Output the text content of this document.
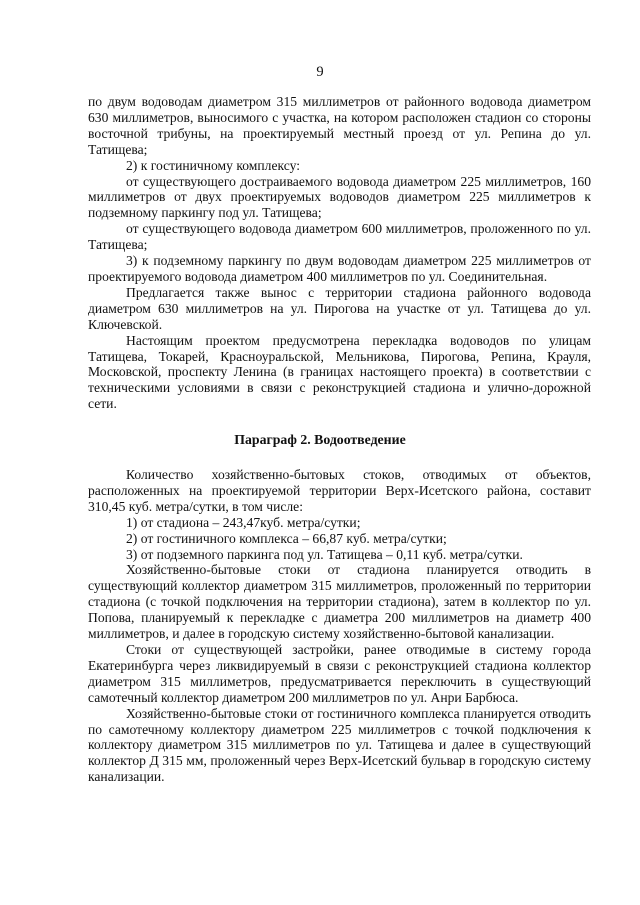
9

по двум водоводам диаметром 315 миллиметров от районного водовода диаметром 630 миллиметров, выносимого с участка, на котором расположен стадион со стороны восточной трибуны, на проектируемый местный проезд от ул. Репина до ул. Татищева;

2) к гостиничному комплексу:

от существующего достраиваемого водовода диаметром 225 миллиметров, 160 миллиметров от двух проектируемых водоводов диаметром 225 миллиметров к подземному паркингу под ул. Татищева;

от существующего водовода диаметром 600 миллиметров, проложенного по ул. Татищева;

3) к подземному паркингу по двум водоводам диаметром 225 миллиметров от проектируемого водовода диаметром 400 миллиметров по ул. Соединительная.

Предлагается также вынос с территории стадиона районного водовода диаметром 630 миллиметров на ул. Пирогова на участке от ул. Татищева до ул. Ключевской.

Настоящим проектом предусмотрена перекладка водоводов по улицам Татищева, Токарей, Красноуральской, Мельникова, Пирогова, Репина, Крауля, Московской, проспекту Ленина (в границах настоящего проекта) в соответствии с техническими условиями в связи с реконструкцией стадиона и улично-дорожной сети.

Параграф 2. Водоотведение

Количество хозяйственно-бытовых стоков, отводимых от объектов, расположенных на проектируемой территории Верх-Исетского района, составит 310,45 куб. метра/сутки, в том числе:

1) от стадиона – 243,47куб. метра/сутки;

2) от гостиничного комплекса – 66,87 куб. метра/сутки;

3) от подземного паркинга под ул. Татищева – 0,11 куб. метра/сутки.

Хозяйственно-бытовые стоки от стадиона планируется отводить в существующий коллектор диаметром 315 миллиметров, проложенный по территории стадиона (с точкой подключения на территории стадиона), затем в коллектор по ул. Попова, планируемый к перекладке с диаметра 200 миллиметров на диаметр 400 миллиметров, и далее в городскую систему хозяйственно-бытовой канализации.

Стоки от существующей застройки, ранее отводимые в систему города Екатеринбурга через ликвидируемый в связи с реконструкцией стадиона коллектор диаметром 315 миллиметров, предусматривается переключить в существующий самотечный коллектор диаметром 200 миллиметров по ул. Анри Барбюса.

Хозяйственно-бытовые стоки от гостиничного комплекса планируется отводить по самотечному коллектору диаметром 225 миллиметров с точкой подключения к коллектору диаметром 315 миллиметров по ул. Татищева и далее в существующий коллектор Д 315 мм, проложенный через Верх-Исетский бульвар в городскую систему канализации.
